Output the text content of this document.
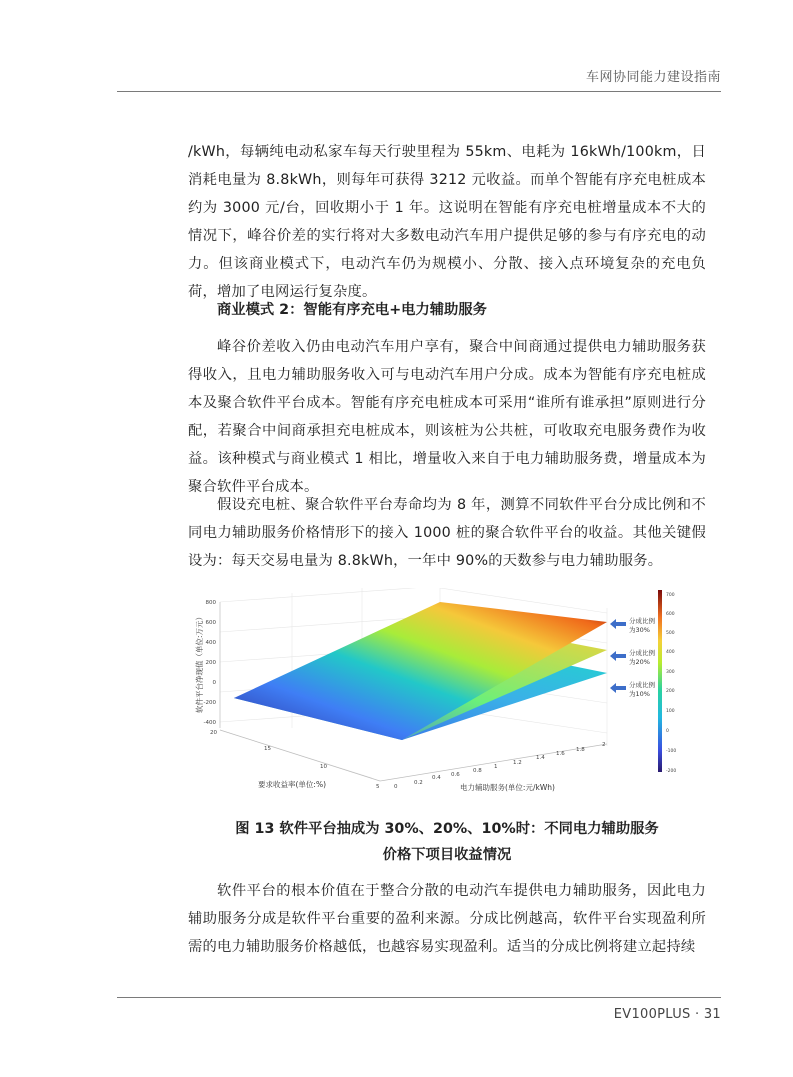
车网协同能力建设指南

/kWh，每辆纯电动私家车每天行驶里程为 55km、电耗为 16kWh/100km，日消耗电量为 8.8kWh，则每年可获得 3212 元收益。而单个智能有序充电桩成本约为 3000 元/台，回收期小于 1 年。这说明在智能有序充电桩增量成本不大的情况下，峰谷价差的实行将对大多数电动汽车用户提供足够的参与有序充电的动力。但该商业模式下，电动汽车仍为规模小、分散、接入点环境复杂的充电负荷，增加了电网运行复杂度。

商业模式 2：智能有序充电+电力辅助服务

峰谷价差收入仍由电动汽车用户享有，聚合中间商通过提供电力辅助服务获得收入，且电力辅助服务收入可与电动汽车用户分成。成本为智能有序充电桩成本及聚合软件平台成本。智能有序充电桩成本可采用“谁所有谁承担”原则进行分配，若聚合中间商承担充电桩成本，则该桩为公共桩，可收取充电服务费作为收益。该种模式与商业模式 1 相比，增量收入来自于电力辅助服务费，增量成本为聚合软件平台成本。

假设充电桩、聚合软件平台寿命均为 8 年，测算不同软件平台分成比例和不同电力辅助服务价格情形下的接入 1000 桩的聚合软件平台的收益。其他关键假设为：每天交易电量为 8.8kWh，一年中 90%的天数参与电力辅助服务。

800
600
400
200
0
-200
-400
软件平台净现值（单位:万元）
20
15
10
5
要求收益率(单位:%)	0
0.2
0.4 0.6
0.8
1
1.2
1.4
1.6
1.8
2
电力辅助服务(单位:元/kWh)
分成比例
为30%
分成比例
为20%
分成比例
为10%
700
600
500
400
300
200
100
0
-100
-200
图 13 软件平台抽成为 30%、20%、10%时：不同电力辅助服务
价格下项目收益情况

软件平台的根本价值在于整合分散的电动汽车提供电力辅助服务，因此电力辅助服务分成是软件平台重要的盈利来源。分成比例越高，软件平台实现盈利所需的电力辅助服务价格越低，也越容易实现盈利。适当的分成比例将建立起持续

EV100PLUS · 31
